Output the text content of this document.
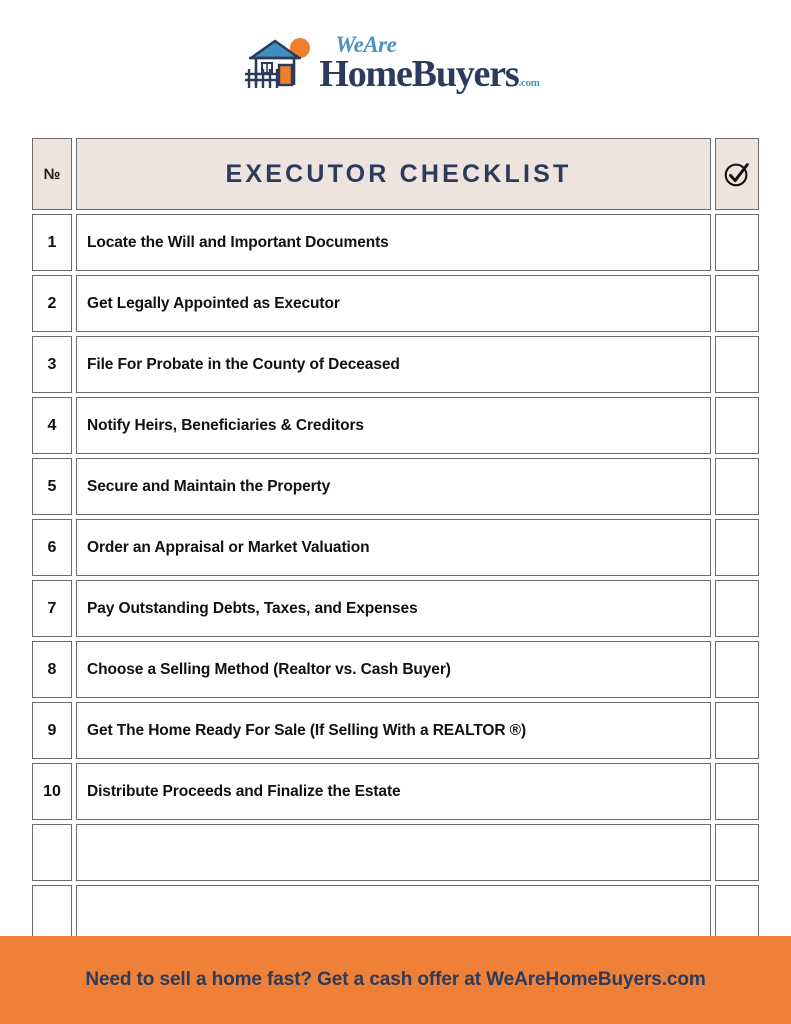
WeAre
HomeBuyers.com
№	EXECUTOR CHECKLIST
1 Locate the Will and Important Documents
2 Get Legally Appointed as Executor
3 File For Probate in the County of Deceased
4 Notify Heirs, Beneficiaries & Creditors
5 Secure and Maintain the Property
6 Order an Appraisal or Market Valuation
7 Pay Outstanding Debts, Taxes, and Expenses
8 Choose a Selling Method (Realtor vs. Cash Buyer)
9 Get The Home Ready For Sale (If Selling With a REALTOR ®)
10 Distribute Proceeds and Finalize the Estate
Need to sell a home fast? Get a cash offer at WeAreHomeBuyers.com
